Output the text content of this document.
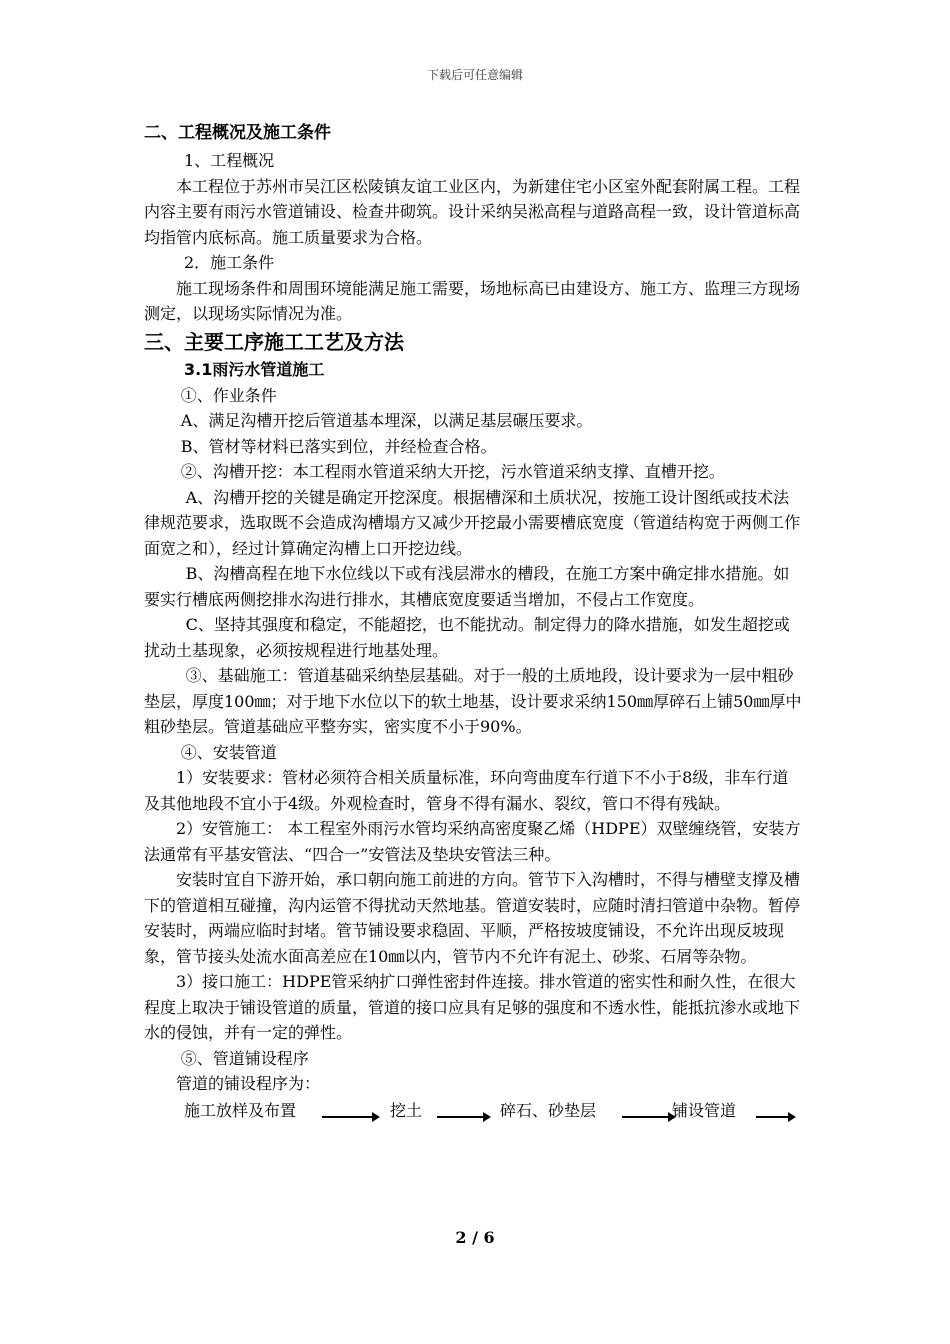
下载后可任意编辑

二、工程概况及施工条件

1、工程概况

本工程位于苏州市吴江区松陵镇友谊工业区内，为新建住宅小区室外配套附属工程。工程内容主要有雨污水管道铺设、检查井砌筑。设计采纳吴淞高程与道路高程一致，设计管道标高均指管内底标高。施工质量要求为合格。

2．施工条件

施工现场条件和周围环境能满足施工需要，场地标高已由建设方、施工方、监理三方现场测定，以现场实际情况为准。

三、主要工序施工工艺及方法

3.1雨污水管道施工

①、作业条件

A、满足沟槽开挖后管道基本埋深，以满足基层碾压要求。

B、管材等材料已落实到位，并经检查合格。

②、沟槽开挖：本工程雨水管道采纳大开挖，污水管道采纳支撑、直槽开挖。

A、沟槽开挖的关键是确定开挖深度。根据槽深和土质状况，按施工设计图纸或技术法律规范要求，选取既不会造成沟槽塌方又减少开挖最小需要槽底宽度（管道结构宽于两侧工作面宽之和），经过计算确定沟槽上口开挖边线。

B、沟槽高程在地下水位线以下或有浅层滞水的槽段，在施工方案中确定排水措施。如要实行槽底两侧挖排水沟进行排水，其槽底宽度要适当增加，不侵占工作宽度。

C、坚持其强度和稳定，不能超挖，也不能扰动。制定得力的降水措施，如发生超挖或扰动土基现象，必须按规程进行地基处理。

③、基础施工：管道基础采纳垫层基础。对于一般的土质地段，设计要求为一层中粗砂垫层，厚度100㎜；对于地下水位以下的软土地基，设计要求采纳150㎜厚碎石上铺50㎜厚中粗砂垫层。管道基础应平整夯实，密实度不小于90%。

④、安装管道

1）安装要求：管材必须符合相关质量标准，环向弯曲度车行道下不小于8级，非车行道及其他地段不宜小于4级。外观检查时，管身不得有漏水、裂纹，管口不得有残缺。

2）安管施工： 本工程室外雨污水管均采纳高密度聚乙烯（HDPE）双壁缠绕管，安装方法通常有平基安管法、“四合一”安管法及垫块安管法三种。

安装时宜自下游开始，承口朝向施工前进的方向。管节下入沟槽时，不得与槽壁支撑及槽下的管道相互碰撞，沟内运管不得扰动天然地基。管道安装时，应随时清扫管道中杂物。暂停安装时，两端应临时封堵。管节铺设要求稳固、平顺，严格按坡度铺设，不允许出现反坡现象，管节接头处流水面高差应在10㎜以内，管节内不允许有泥土、砂浆、石屑等杂物。

3）接口施工：HDPE管采纳扩口弹性密封件连接。排水管道的密实性和耐久性，在很大程度上取决于铺设管道的质量，管道的接口应具有足够的强度和不透水性，能抵抗渗水或地下水的侵蚀，并有一定的弹性。

⑤、管道铺设程序

管道的铺设程序为：

施工放样及布置	挖土	碎石、砂垫层	铺设管道
2 / 6
